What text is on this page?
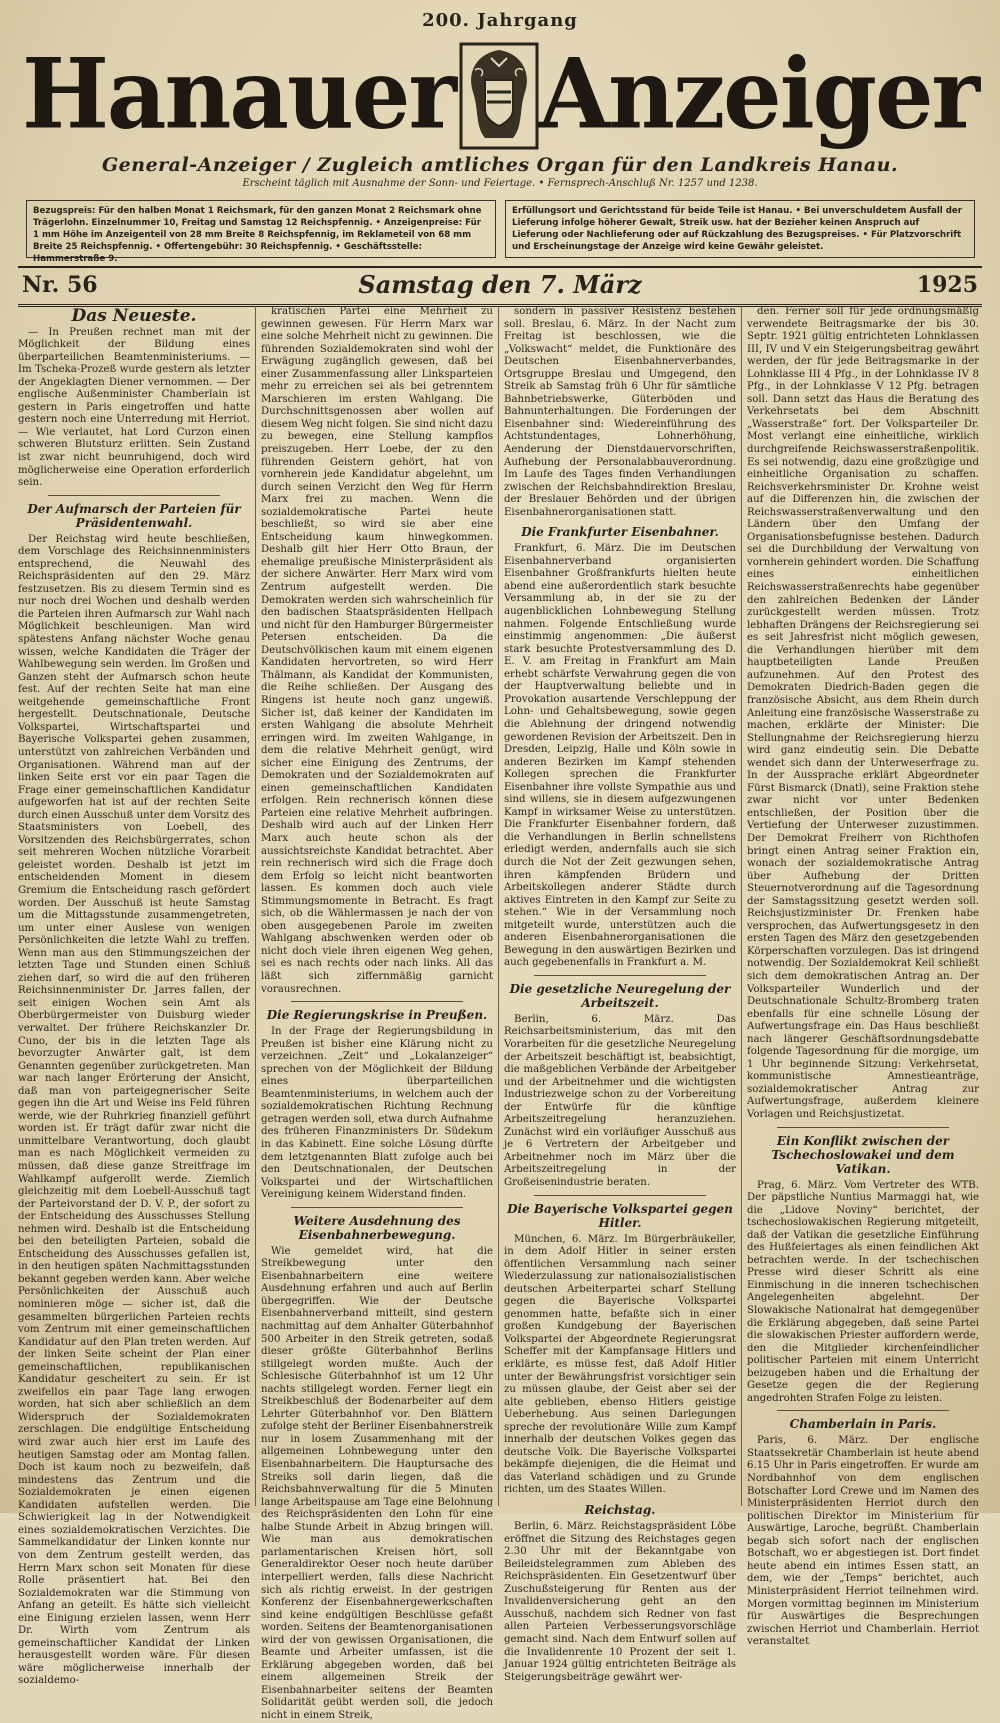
200. Jahrgang
Hanauer Anzeiger
General-Anzeiger / Zugleich amtliches Organ für den Landkreis Hanau.
Erscheint täglich mit Ausnahme der Sonn- und Feiertage. • Fernsprech-Anschluß Nr. 1257 und 1238.
Bezugspreis: Für den halben Monat 1 Reichsmark, für den ganzen Monat 2 Reichsmark ohne Trägerlohn. Einzelnummer 10, Freitag und Samstag 12 Reichspfennig. • Anzeigenpreise: Für 1 mm Höhe im Anzeigenteil von 28 mm Breite 8 Reichspfennig, im Reklameteil von 68 mm Breite 25 Reichspfennig. • Offertengebühr: 30 Reichspfennig. • Geschäftsstelle: Hammerstraße 9.
Erfüllungsort und Gerichtsstand für beide Teile ist Hanau. • Bei unverschuldetem Ausfall der Lieferung infolge höherer Gewalt, Streik usw. hat der Bezieher keinen Anspruch auf Lieferung oder Nachlieferung oder auf Rückzahlung des Bezugspreises. • Für Platzvorschrift und Erscheinungstage der Anzeige wird keine Gewähr geleistet.
Samstag den 7. März
Nr. 56	1925
Das Neueste.

— In Preußen rechnet man mit der Möglichkeit der Bildung eines überparteilichen Beamtenministeriums. — Im Tscheka-Prozeß wurde gestern als letzter der Angeklagten Diener vernommen. — Der englische Außenminister Chamberlain ist gestern in Paris eingetroffen und hatte gestern noch eine Unterredung mit Herriot. — Wie verlautet, hat Lord Curzon einen schweren Blutsturz erlitten. Sein Zustand ist zwar nicht beunruhigend, doch wird möglicherweise eine Operation erforderlich sein.

Der Aufmarsch der Parteien für Präsidentenwahl.

Der Reichstag wird heute beschließen, dem Vorschlage des Reichsinnenministers entsprechend, die Neuwahl des Reichspräsidenten auf den 29. März festzusetzen. Bis zu diesem Termin sind es nur noch drei Wochen und deshalb werden die Parteien ihren Aufmarsch zur Wahl nach Möglichkeit beschleunigen. Man wird spätestens Anfang nächster Woche genau wissen, welche Kandidaten die Träger der Wahlbewegung sein werden. Im Großen und Ganzen steht der Aufmarsch schon heute fest. Auf der rechten Seite hat man eine weitgehende gemeinschaftliche Front hergestellt. Deutschnationale, Deutsche Volkspartei, Wirtschaftspartei und Bayerische Volkspartei gehen zusammen, unterstützt von zahlreichen Verbänden und Organisationen. Während man auf der linken Seite erst vor ein paar Tagen die Frage einer gemeinschaftlichen Kandidatur aufgeworfen hat ist auf der rechten Seite durch einen Ausschuß unter dem Vorsitz des Staatsministers von Loebell, des Vorsitzenden des Reichsbürgerrates, schon seit mehreren Wochen nützliche Vorarbeit geleistet worden. Deshalb ist jetzt im entscheidenden Moment in diesem Gremium die Entscheidung rasch gefördert worden. Der Ausschuß ist heute Samstag um die Mittagsstunde zusammengetreten, um unter einer Auslese von wenigen Persönlichkeiten die letzte Wahl zu treffen. Wenn man aus den Stimmungszeichen der letzten Tage und Stunden einen Schluß ziehen darf, so wird die auf den früheren Reichsinnenminister Dr. Jarres fallen, der seit einigen Wochen sein Amt als Oberbürgermeister von Duisburg wieder verwaltet. Der frühere Reichskanzler Dr. Cuno, der bis in die letzten Tage als bevorzugter Anwärter galt, ist dem Genannten gegenüber zurückgetreten. Man war nach langer Erörterung der Ansicht, daß man von parteigegnerischer Seite gegen ihn die Art und Weise ins Feld führen werde, wie der Ruhrkrieg finanziell geführt worden ist. Er trägt dafür zwar nicht die unmittelbare Verantwortung, doch glaubt man es nach Möglichkeit vermeiden zu müssen, daß diese ganze Streitfrage im Wahlkampf aufgerollt werde. Ziemlich gleichzeitig mit dem Loebell-Ausschuß tagt der Parteivorstand der D. V. P., der sofort zu der Entscheidung des Ausschusses Stellung nehmen wird. Deshalb ist die Entscheidung bei den beteiligten Parteien, sobald die Entscheidung des Ausschusses gefallen ist, in den heutigen späten Nachmittagsstunden bekannt gegeben werden kann. Aber welche Persönlichkeiten der Ausschuß auch nominieren möge — sicher ist, daß die gesammelten bürgerlichen Parteien rechts vom Zentrum mit einer gemeinschaftlichen Kandidatur auf den Plan treten werden. Auf der linken Seite scheint der Plan einer gemeinschaftlichen, republikanischen Kandidatur gescheitert zu sein. Er ist zweifellos ein paar Tage lang erwogen worden, hat sich aber schließlich an dem Widerspruch der Sozialdemokraten zerschlagen. Die endgültige Entscheidung wird zwar auch hier erst im Laufe des heutigen Samstag oder am Montag fallen. Doch ist kaum noch zu bezweifeln, daß mindestens das Zentrum und die Sozialdemokraten je einen eigenen Kandidaten aufstellen werden. Die Schwierigkeit lag in der Notwendigkeit eines sozialdemokratischen Verzichtes. Die Sammelkandidatur der Linken konnte nur von dem Zentrum gestellt werden, das Herrn Marx schon seit Monaten für diese Rolle präsentiert hat. Bei den Sozialdemokraten war die Stimmung von Anfang an geteilt. Es hätte sich vielleicht eine Einigung erzielen lassen, wenn Herr Dr. Wirth vom Zentrum als gemeinschaftlicher Kandidat der Linken herausgestellt worden wäre. Für diesen wäre möglicherweise innerhalb der sozialdemo-

kratischen Partei eine Mehrheit zu gewinnen gewesen. Für Herrn Marx war eine solche Mehrheit nicht zu gewinnen. Die führenden Sozialdemokraten sind wohl der Erwägung zugänglich gewesen, daß bei einer Zusammenfassung aller Linksparteien mehr zu erreichen sei als bei getrenntem Marschieren im ersten Wahlgang. Die Durchschnittsgenossen aber wollen auf diesem Weg nicht folgen. Sie sind nicht dazu zu bewegen, eine Stellung kampflos preiszugeben. Herr Loebe, der zu den führenden Geistern gehört, hat von vornherein jede Kandidatur abgelehnt, um durch seinen Verzicht den Weg für Herrn Marx frei zu machen. Wenn die sozialdemokratische Partei heute beschließt, so wird sie aber eine Entscheidung kaum hinwegkommen. Deshalb gilt hier Herr Otto Braun, der ehemalige preußische Ministerpräsident als der sichere Anwärter. Herr Marx wird vom Zentrum aufgestellt werden. Die Demokraten werden sich wahrscheinlich für den badischen Staatspräsidenten Hellpach und nicht für den Hamburger Bürgermeister Petersen entscheiden. Da die Deutschvölkischen kaum mit einem eigenen Kandidaten hervortreten, so wird Herr Thälmann, als Kandidat der Kommunisten, die Reihe schließen. Der Ausgang des Ringens ist heute noch ganz ungewiß. Sicher ist, daß keiner der Kandidaten im ersten Wahlgang die absolute Mehrheit erringen wird. Im zweiten Wahlgange, in dem die relative Mehrheit genügt, wird sicher eine Einigung des Zentrums, der Demokraten und der Sozialdemokraten auf einen gemeinschaftlichen Kandidaten erfolgen. Rein rechnerisch können diese Parteien eine relative Mehrheit aufbringen. Deshalb wird auch auf der Linken Herr Marx auch heute schon als der aussichtsreichste Kandidat betrachtet. Aber rein rechnerisch wird sich die Frage doch dem Erfolg so leicht nicht beantworten lassen. Es kommen doch auch viele Stimmungsmomente in Betracht. Es fragt sich, ob die Wählermassen je nach der von oben ausgegebenen Parole im zweiten Wahlgang abschwenken werden oder ob nicht doch viele ihren eigenen Weg gehen, sei es nach rechts oder nach links. All das läßt sich ziffernmäßig garnicht vorausrechnen.

Die Regierungskrise in Preußen.

In der Frage der Regierungsbildung in Preußen ist bisher eine Klärung nicht zu verzeichnen. „Zeit“ und „Lokalanzeiger“ sprechen von der Möglichkeit der Bildung eines überparteilichen Beamtenministeriums, in welchem auch der sozialdemokratischen Richtung Rechnung getragen werden soll, etwa durch Aufnahme des früheren Finanzministers Dr. Südekum in das Kabinett. Eine solche Lösung dürfte dem letztgenannten Blatt zufolge auch bei den Deutschnationalen, der Deutschen Volkspartei und der Wirtschaftlichen Vereinigung keinem Widerstand finden.

Weitere Ausdehnung des Eisenbahnerbewegung.

Wie gemeldet wird, hat die Streikbewegung unter den Eisenbahnarbeitern eine weitere Ausdehnung erfahren und auch auf Berlin übergegriffen. Wie der Deutsche Eisenbahnerverband mitteilt, sind gestern nachmittag auf dem Anhalter Güterbahnhof 500 Arbeiter in den Streik getreten, sodaß dieser größte Güterbahnhof Berlins stillgelegt worden mußte. Auch der Schlesische Güterbahnhof ist um 12 Uhr nachts stillgelegt worden. Ferner liegt ein Streikbeschluß der Bodenarbeiter auf dem Lehrter Güterbahnhof vor. Den Blättern zufolge steht der Berliner Eisenbahnerstreik nur in losem Zusammenhang mit der allgemeinen Lohnbewegung unter den Eisenbahnarbeitern. Die Hauptursache des Streiks soll darin liegen, daß die Reichsbahnverwaltung für die 5 Minuten lange Arbeitspause am Tage eine Belohnung des Reichspräsidenten den Lohn für eine halbe Stunde Arbeit in Abzug bringen will. Wie man aus demokratischen parlamentarischen Kreisen hört, soll Generaldirektor Oeser noch heute darüber interpelliert werden, falls diese Nachricht sich als richtig erweist. In der gestrigen Konferenz der Eisenbahnergewerkschaften sind keine endgültigen Beschlüsse gefaßt worden. Seitens der Beamtenorganisationen wird der von gewissen Organisationen, die Beamte und Arbeiter umfassen, ist die Erklärung abgegeben worden, daß bei einem allgemeinen Streik der Eisenbahnarbeiter seitens der Beamten Solidarität geübt werden soll, die jedoch nicht in einem Streik,

sondern in passiver Resistenz bestehen soll. Breslau, 6. März. In der Nacht zum Freitag ist beschlossen, wie die „Volkswacht“ meldet, die Funktionäre des Deutschen Eisenbahnerverbandes, Ortsgruppe Breslau und Umgegend, den Streik ab Samstag früh 6 Uhr für sämtliche Bahnbetriebswerke, Güterböden und Bahnunterhaltungen. Die Forderungen der Eisenbahner sind: Wiedereinführung des Achtstundentages, Lohnerhöhung, Aenderung der Dienstdauervorschriften, Aufhebung der Personalabbauverordnung. Im Laufe des Tages finden Verhandlungen zwischen der Reichsbahndirektion Breslau, der Breslauer Behörden und der übrigen Eisenbahnerorganisationen statt.

Die Frankfurter Eisenbahner.

Frankfurt, 6. März. Die im Deutschen Eisenbahnerverband organisierten Eisenbahner Großfrankfurts hielten heute abend eine außerordentlich stark besuchte Versammlung ab, in der sie zu der augenblicklichen Lohnbewegung Stellung nahmen. Folgende Entschließung wurde einstimmig angenommen: „Die äußerst stark besuchte Protestversammlung des D. E. V. am Freitag in Frankfurt am Main erhebt schärfste Verwahrung gegen die von der Hauptverwaltung beliebte und in Provokation ausartende Verschleppung der Lohn- und Gehaltsbewegung, sowie gegen die Ablehnung der dringend notwendig gewordenen Revision der Arbeitszeit. Den in Dresden, Leipzig, Halle und Köln sowie in anderen Bezirken im Kampf stehenden Kollegen sprechen die Frankfurter Eisenbahner ihre vollste Sympathie aus und sind willens, sie in diesem aufgezwungenen Kampf in wirksamer Weise zu unterstützen. Die Frankfurter Eisenbahner fordern, daß die Verhandlungen in Berlin schnellstens erledigt werden, andernfalls auch sie sich durch die Not der Zeit gezwungen sehen, ihren kämpfenden Brüdern und Arbeitskollegen anderer Städte durch aktives Eintreten in den Kampf zur Seite zu stehen.“ Wie in der Versammlung noch mitgeteilt wurde, unterstützen auch die anderen Eisenbahnerorganisationen die Bewegung in den auswärtigen Bezirken und auch gegebenenfalls in Frankfurt a. M.

Die gesetzliche Neuregelung der Arbeitszeit.

Berlin, 6. März. Das Reichsarbeitsministerium, das mit den Vorarbeiten für die gesetzliche Neuregelung der Arbeitszeit beschäftigt ist, beabsichtigt, die maßgeblichen Verbände der Arbeitgeber und der Arbeitnehmer und die wichtigsten Industriezweige schon zu der Vorbereitung der Entwürfe für die künftige Arbeitszeitregelung heranzuziehen. Zunächst wird ein vorläufiger Ausschuß aus je 6 Vertretern der Arbeitgeber und Arbeitnehmer noch im März über die Arbeitszeitregelung in der Großeisenindustrie beraten.

Die Bayerische Volkspartei gegen Hitler.

München, 6. März. Im Bürgerbräukeller, in dem Adolf Hitler in seiner ersten öffentlichen Versammlung nach seiner Wiederzulassung zur nationalsozialistischen deutschen Arbeiterpartei scharf Stellung gegen die Bayerische Volkspartei genommen hatte, befaßte sich in einer großen Kundgebung der Bayerischen Volkspartei der Abgeordnete Regierungsrat Scheffer mit der Kampfansage Hitlers und erklärte, es müsse fest, daß Adolf Hitler unter der Bewährungsfrist vorsichtiger sein zu müssen glaube, der Geist aber sei der alte geblieben, ebenso Hitlers geistige Ueberhebung. Aus seinen Darlegungen spreche der revolutionäre Wille zum Kampf innerhalb der deutschen Volkes gegen das deutsche Volk. Die Bayerische Volkspartei bekämpfe diejenigen, die die Heimat und das Vaterland schädigen und zu Grunde richten, um des Staates Willen.

Reichstag.

Berlin, 6. März. Reichstagspräsident Löbe eröffnet die Sitzung des Reichstages gegen 2.30 Uhr mit der Bekanntgabe von Beileidstelegrammen zum Ableben des Reichspräsidenten. Ein Gesetzentwurf über Zuschußsteigerung für Renten aus der Invalidenversicherung geht an den Ausschuß, nachdem sich Redner von fast allen Parteien Verbesserungsvorschläge gemacht sind. Nach dem Entwurf sollen auf die Invalidenrente 10 Prozent der seit 1. Januar 1924 gültig entrichteten Beiträge als Steigerungsbeiträge gewährt wer-

den. Ferner soll für jede ordnungsmäßig verwendete Beitragsmarke der bis 30. Septr. 1921 gültig entrichteten Lohnklassen III, IV und V ein Steigerungsbeitrag gewährt werden, der für jede Beitragsmarke in der Lohnklasse III 4 Pfg., in der Lohnklasse IV 8 Pfg., in der Lohnklasse V 12 Pfg. betragen soll. Dann setzt das Haus die Beratung des Verkehrsetats bei dem Abschnitt „Wasserstraße“ fort. Der Volksparteiler Dr. Most verlangt eine einheitliche, wirklich durchgreifende Reichswasserstraßenpolitik. Es sei notwendig, dazu eine großzügige und einheitliche Organisation zu schaffen. Reichsverkehrsminister Dr. Krohne weist auf die Differenzen hin, die zwischen der Reichswasserstraßenverwaltung und den Ländern über den Umfang der Organisationsbefugnisse bestehen. Dadurch sei die Durchbildung der Verwaltung von vornherein gehindert worden. Die Schaffung eines einheitlichen Reichswasserstraßenrechts habe gegenüber den zahlreichen Bedenken der Länder zurückgestellt werden müssen. Trotz lebhaften Drängens der Reichsregierung sei es seit Jahresfrist nicht möglich gewesen, die Verhandlungen hierüber mit dem hauptbeteiligten Lande Preußen aufzunehmen. Auf den Protest des Demokraten Diedrich-Baden gegen die französische Absicht, aus dem Rhein durch Anleitung eine französische Wasserstraße zu machen, erklärte der Minister: Die Stellungnahme der Reichsregierung hierzu wird ganz eindeutig sein. Die Debatte wendet sich dann der Unterweserfrage zu. In der Aussprache erklärt Abgeordneter Fürst Bismarck (Dnatl), seine Fraktion stehe zwar nicht vor unter Bedenken entschließen, der Position über die Vertiefung der Unterweser zuzustimmen. Der Demokrat Freiherr von Richthofen bringt einen Antrag seiner Fraktion ein, wonach der sozialdemokratische Antrag über Aufhebung der Dritten Steuernotverordnung auf die Tagesordnung der Samstagssitzung gesetzt werden soll. Reichsjustizminister Dr. Frenken habe versprochen, das Aufwertungsgesetz in den ersten Tagen des März den gesetzgebenden Körperschaften vorzulegen. Das ist dringend notwendig. Der Sozialdemokrat Keil schließt sich dem demokratischen Antrag an. Der Volksparteiler Wunderlich und der Deutschnationale Schultz-Bromberg traten ebenfalls für eine schnelle Lösung der Aufwertungsfrage ein. Das Haus beschließt nach längerer Geschäftsordnungsdebatte folgende Tagesordnung für die morgige, um 1 Uhr beginnende Sitzung: Verkehrsetat, kommunistische Amnestieanträge, sozialdemokratischer Antrag zur Aufwertungsfrage, außerdem kleinere Vorlagen und Reichsjustizetat.

Ein Konflikt zwischen der Tschechoslowakei und dem Vatikan.

Prag, 6. März. Vom Vertreter des WTB. Der päpstliche Nuntius Marmaggi hat, wie die „Lidove Noviny“ berichtet, der tschechoslowakischen Regierung mitgeteilt, daß der Vatikan die gesetzliche Einführung des Hußfeiertages als einen feindlichen Akt betrachten werde. In der tschechischen Presse wird dieser Schritt als eine Einmischung in die inneren tschechischen Angelegenheiten abgelehnt. Der Slowakische Nationalrat hat demgegenüber die Erklärung abgegeben, daß seine Partei die slowakischen Priester auffordern werde, den die Mitglieder kirchenfeindlicher politischer Parteien mit einem Unterricht beizugeben haben und die Erhaltung der Gesetze gegen die der Regierung angedrohten Strafen Folge zu leisten.

Chamberlain in Paris.

Paris, 6. März. Der englische Staatssekretär Chamberlain ist heute abend 6.15 Uhr in Paris eingetroffen. Er wurde am Nordbahnhof von dem englischen Botschafter Lord Crewe und im Namen des Ministerpräsidenten Herriot durch den politischen Direktor im Ministerium für Auswärtige, Laroche, begrüßt. Chamberlain begab sich sofort nach der englischen Botschaft, wo er abgestiegen ist. Dort findet heute abend ein intimes Essen statt, an dem, wie der „Temps“ berichtet, auch Ministerpräsident Herriot teilnehmen wird. Morgen vormittag beginnen im Ministerium für Auswärtiges die Besprechungen zwischen Herriot und Chamberlain. Herriot veranstaltet
